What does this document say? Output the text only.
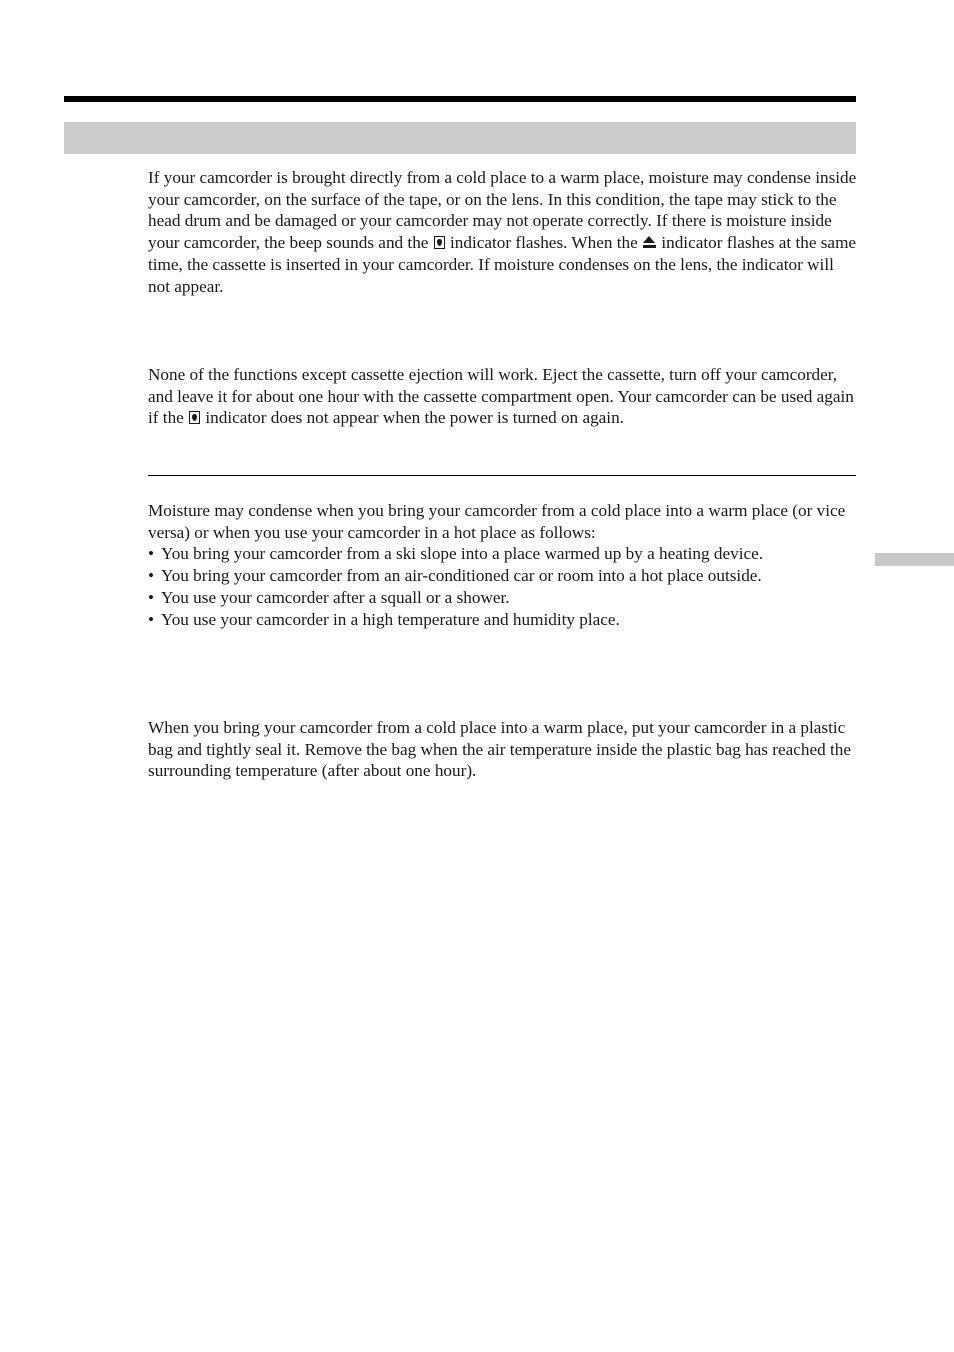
If your camcorder is brought directly from a cold place to a warm place, moisture may condense inside your camcorder, on the surface of the tape, or on the lens. In this condition, the tape may stick to the head drum and be damaged or your camcorder may not operate correctly. If there is moisture inside your camcorder, the beep sounds and the indicator flashes. When the indicator flashes at the same time, the cassette is inserted in your camcorder. If moisture condenses on the lens, the indicator will not appear.

None of the functions except cassette ejection will work. Eject the cassette, turn off your camcorder, and leave it for about one hour with the cassette compartment open. Your camcorder can be used again if the indicator does not appear when the power is turned on again.

Moisture may condense when you bring your camcorder from a cold place into a warm place (or vice versa) or when you use your camcorder in a hot place as follows:

• You bring your camcorder from a ski slope into a place warmed up by a heating device.
• You bring your camcorder from an air-conditioned car or room into a hot place outside.
• You use your camcorder after a squall or a shower.
• You use your camcorder in a high temperature and humidity place.

When you bring your camcorder from a cold place into a warm place, put your camcorder in a plastic bag and tightly seal it. Remove the bag when the air temperature inside the plastic bag has reached the surrounding temperature (after about one hour).
